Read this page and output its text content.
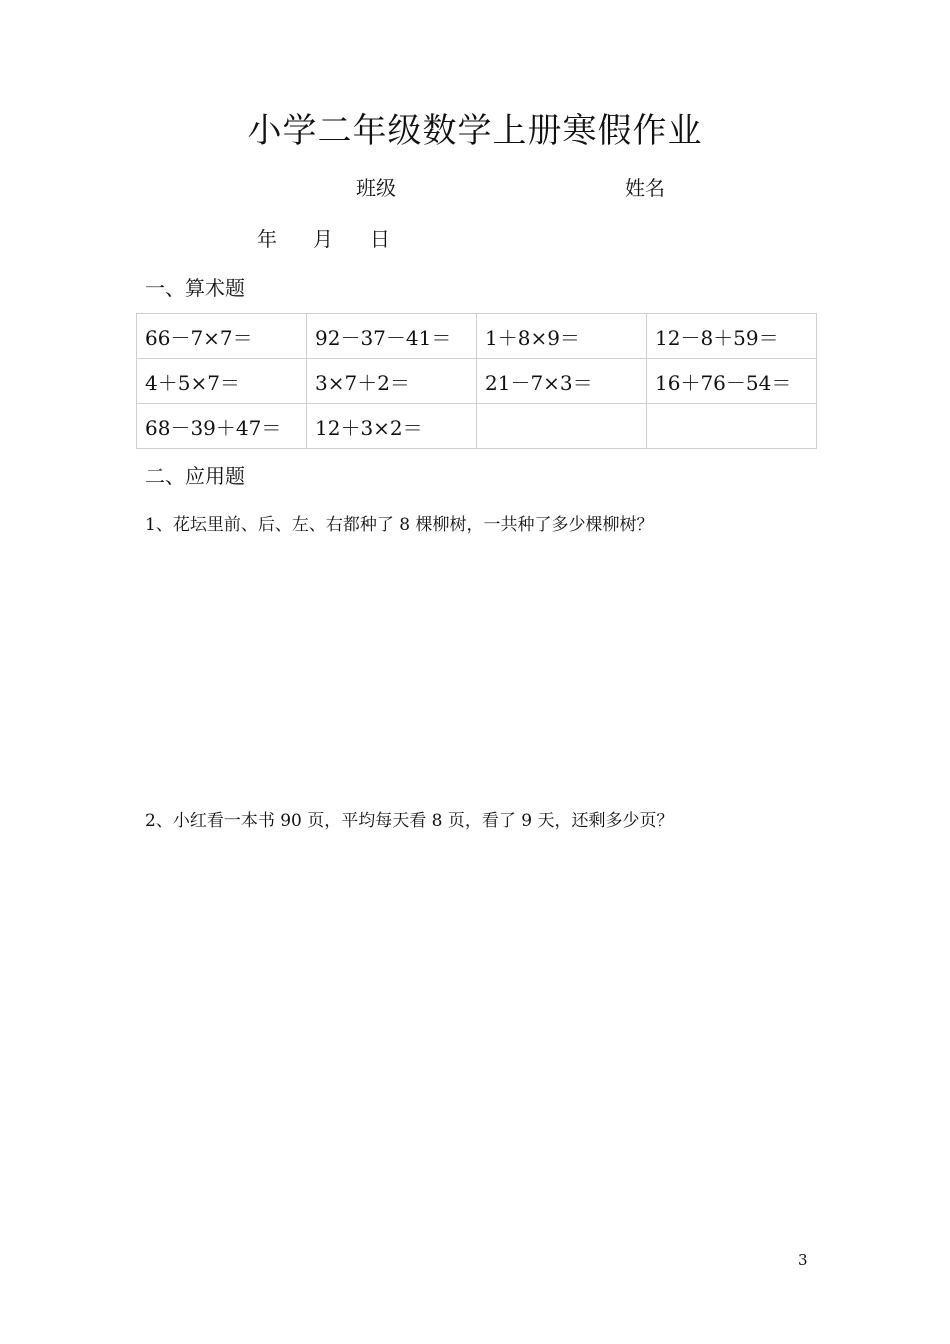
小学二年级数学上册寒假作业
班级	姓名
年 月 日
一、算术题
66－7×7＝	92－37－41＝	1＋8×9＝	12－8＋59＝
4＋5×7＝	3×7＋2＝	21－7×3＝	16＋76－54＝
68－39＋47＝	12＋3×2＝		
二、应用题
1、花坛里前、后、左、右都种了 8 棵柳树，一共种了多少棵柳树？
2、小红看一本书 90 页，平均每天看 8 页，看了 9 天，还剩多少页？
3
